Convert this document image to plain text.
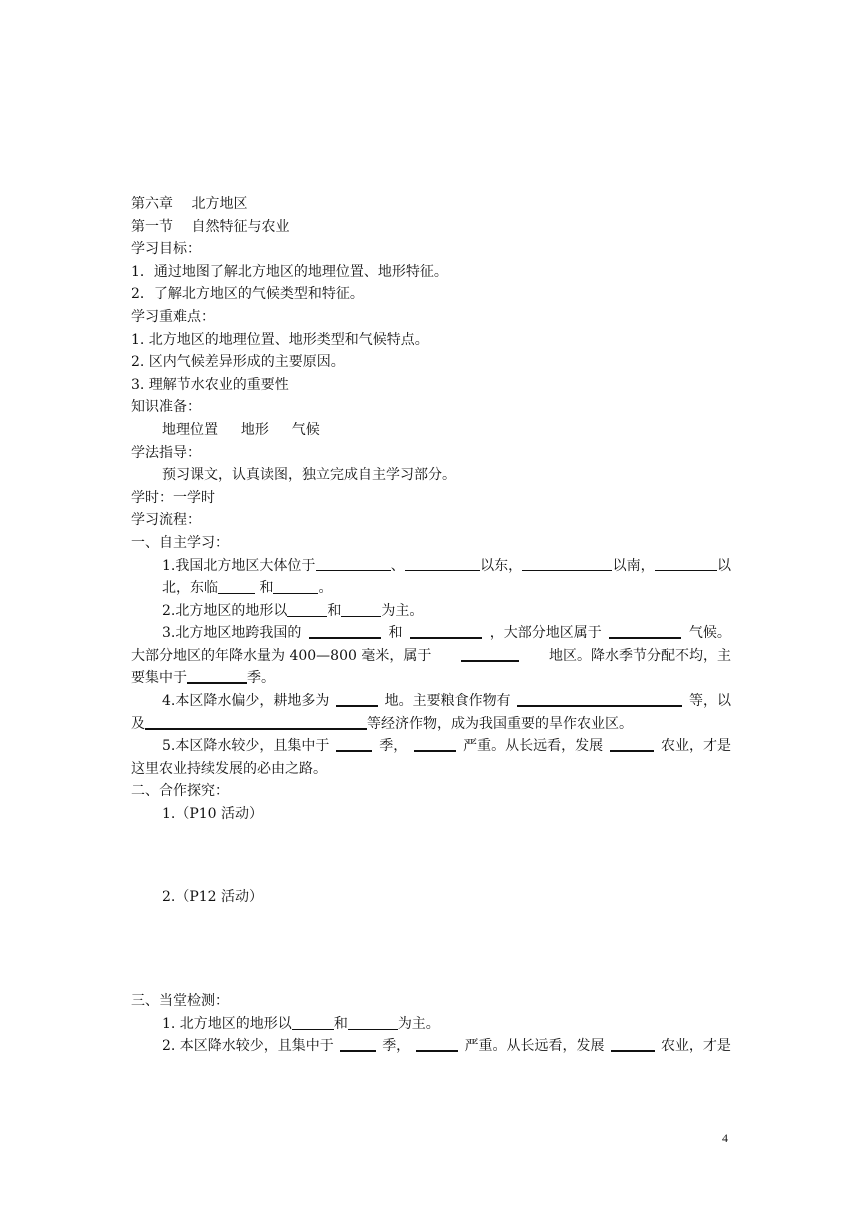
第六章　 北方地区
第一节　 自然特征与农业
学习目标：
1．通过地图了解北方地区的地理位置、地形特征。
2．了解北方地区的气候类型和特征。
学习重难点：
1. 北方地区的地理位置、地形类型和气候特点。
2. 区内气候差异形成的主要原因。
3. 理解节水农业的重要性
知识准备：
地理位置　  地形　  气候
学法指导：
预习课文，认真读图，独立完成自主学习部分。
学时：一学时
学习流程：
一、自主学习：
1.我国北方地区大体位于	、	以东，	以南，	以
北，东临	和	。
2.北方地区的地形以	和	为主。
3.北方地区地跨我国的	和	，大部分地区属于	气候。
大部分地区的年降水量为 400—800 毫米，属于	地区。降水季节分配不均，主
要集中于	季。
4.本区降水偏少，耕地多为	地。主要粮食作物有	等，以
及	等经济作物，成为我国重要的旱作农业区。
5.本区降水较少，且集中于	季，	严重。从长远看，发展	农业，才是
这里农业持续发展的必由之路。
二、合作探究：
1.（P10 活动）
2.（P12 活动）
三、当堂检测：
1. 北方地区的地形以	和	为主。
2. 本区降水较少，且集中于	季，	严重。从长远看，发展	农业，才是
4
